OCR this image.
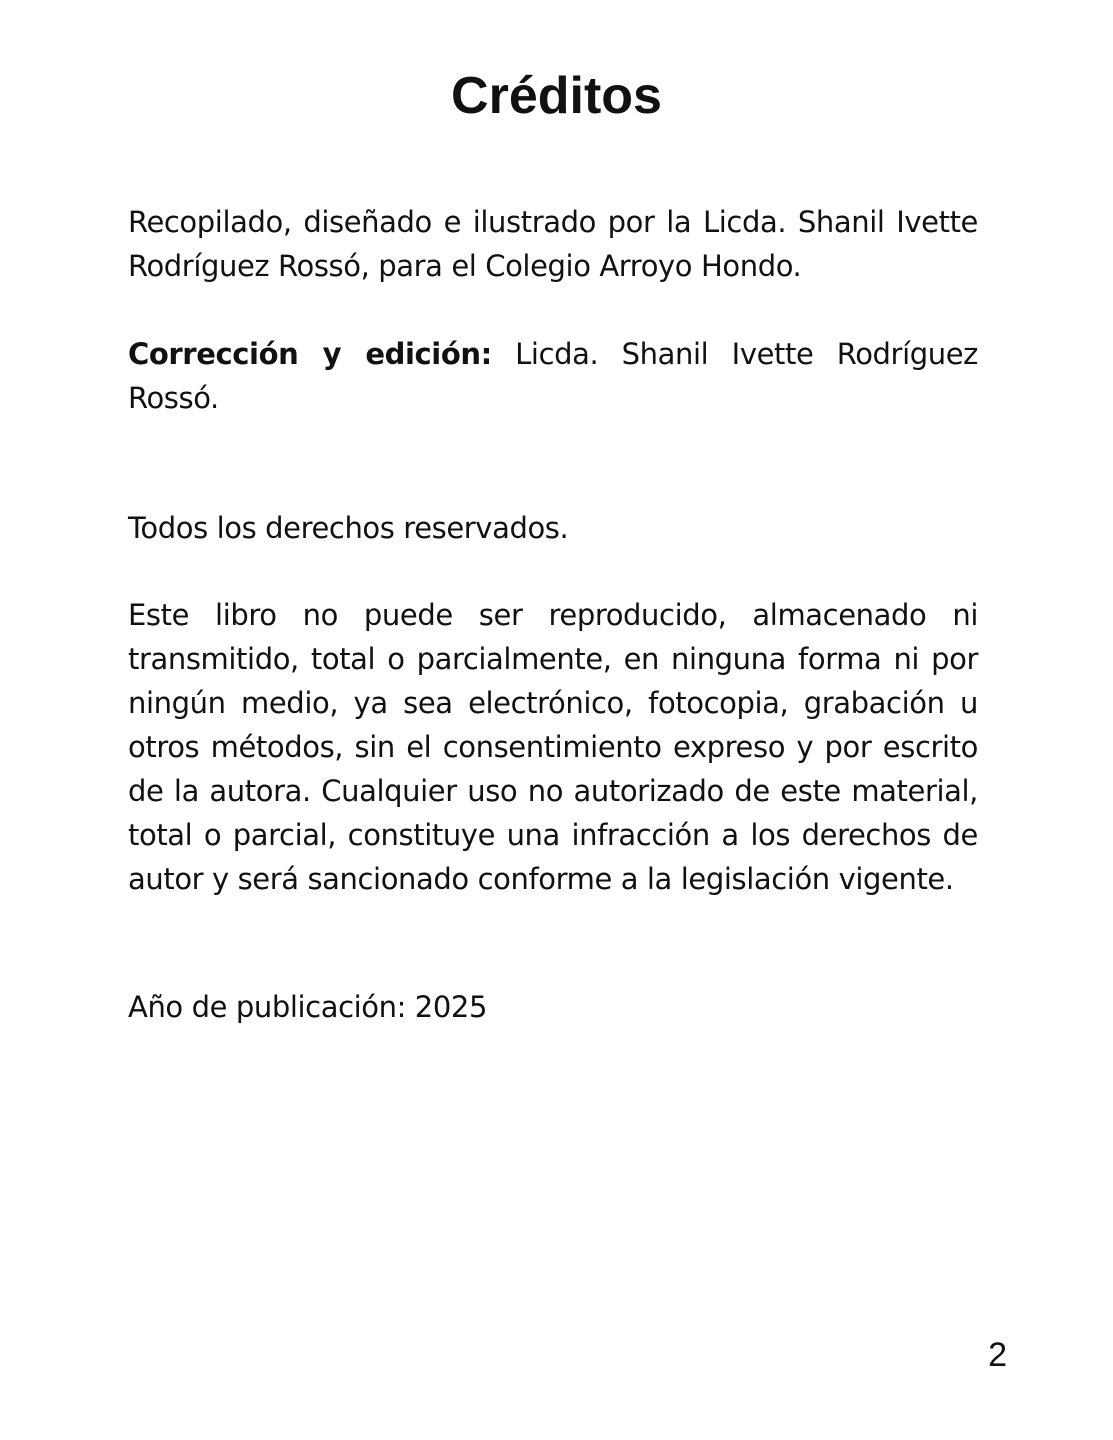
Créditos

Recopilado, diseñado e ilustrado por la Licda. Shanil Ivette Rodríguez Rossó, para el Colegio Arroyo Hondo.

Corrección y edición: Licda. Shanil Ivette Rodríguez Rossó.

Todos los derechos reservados.

Este libro no puede ser reproducido, almacenado ni transmitido, total o parcialmente, en ninguna forma ni por ningún medio, ya sea electrónico, fotocopia, grabación u otros métodos, sin el consentimiento expreso y por escrito de la autora. Cualquier uso no autorizado de este material, total o parcial, constituye una infracción a los derechos de autor y será sancionado conforme a la legislación vigente.

Año de publicación: 2025

2
